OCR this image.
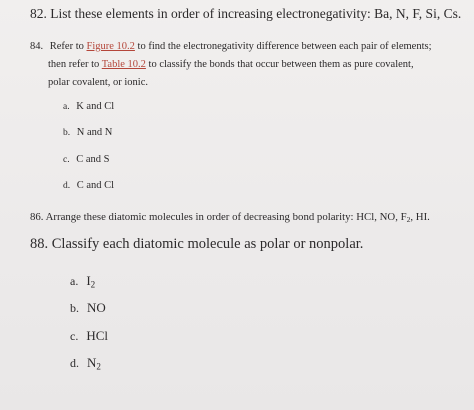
82. List these elements in order of increasing electronegativity: Ba, N, F, Si, Cs.
84. Refer to Figure 10.2 to find the electronegativity difference between each pair of elements;
then refer to Table 10.2 to classify the bonds that occur between them as pure covalent,
polar covalent, or ionic.
a. K and Cl
b. N and N
c. C and S
d. C and Cl
86. Arrange these diatomic molecules in order of decreasing bond polarity: HCl, NO, $F_2$, HI.
88. Classify each diatomic molecule as polar or nonpolar.
a. $I_2$
b. NO
c. HCl
d. $N_2$
